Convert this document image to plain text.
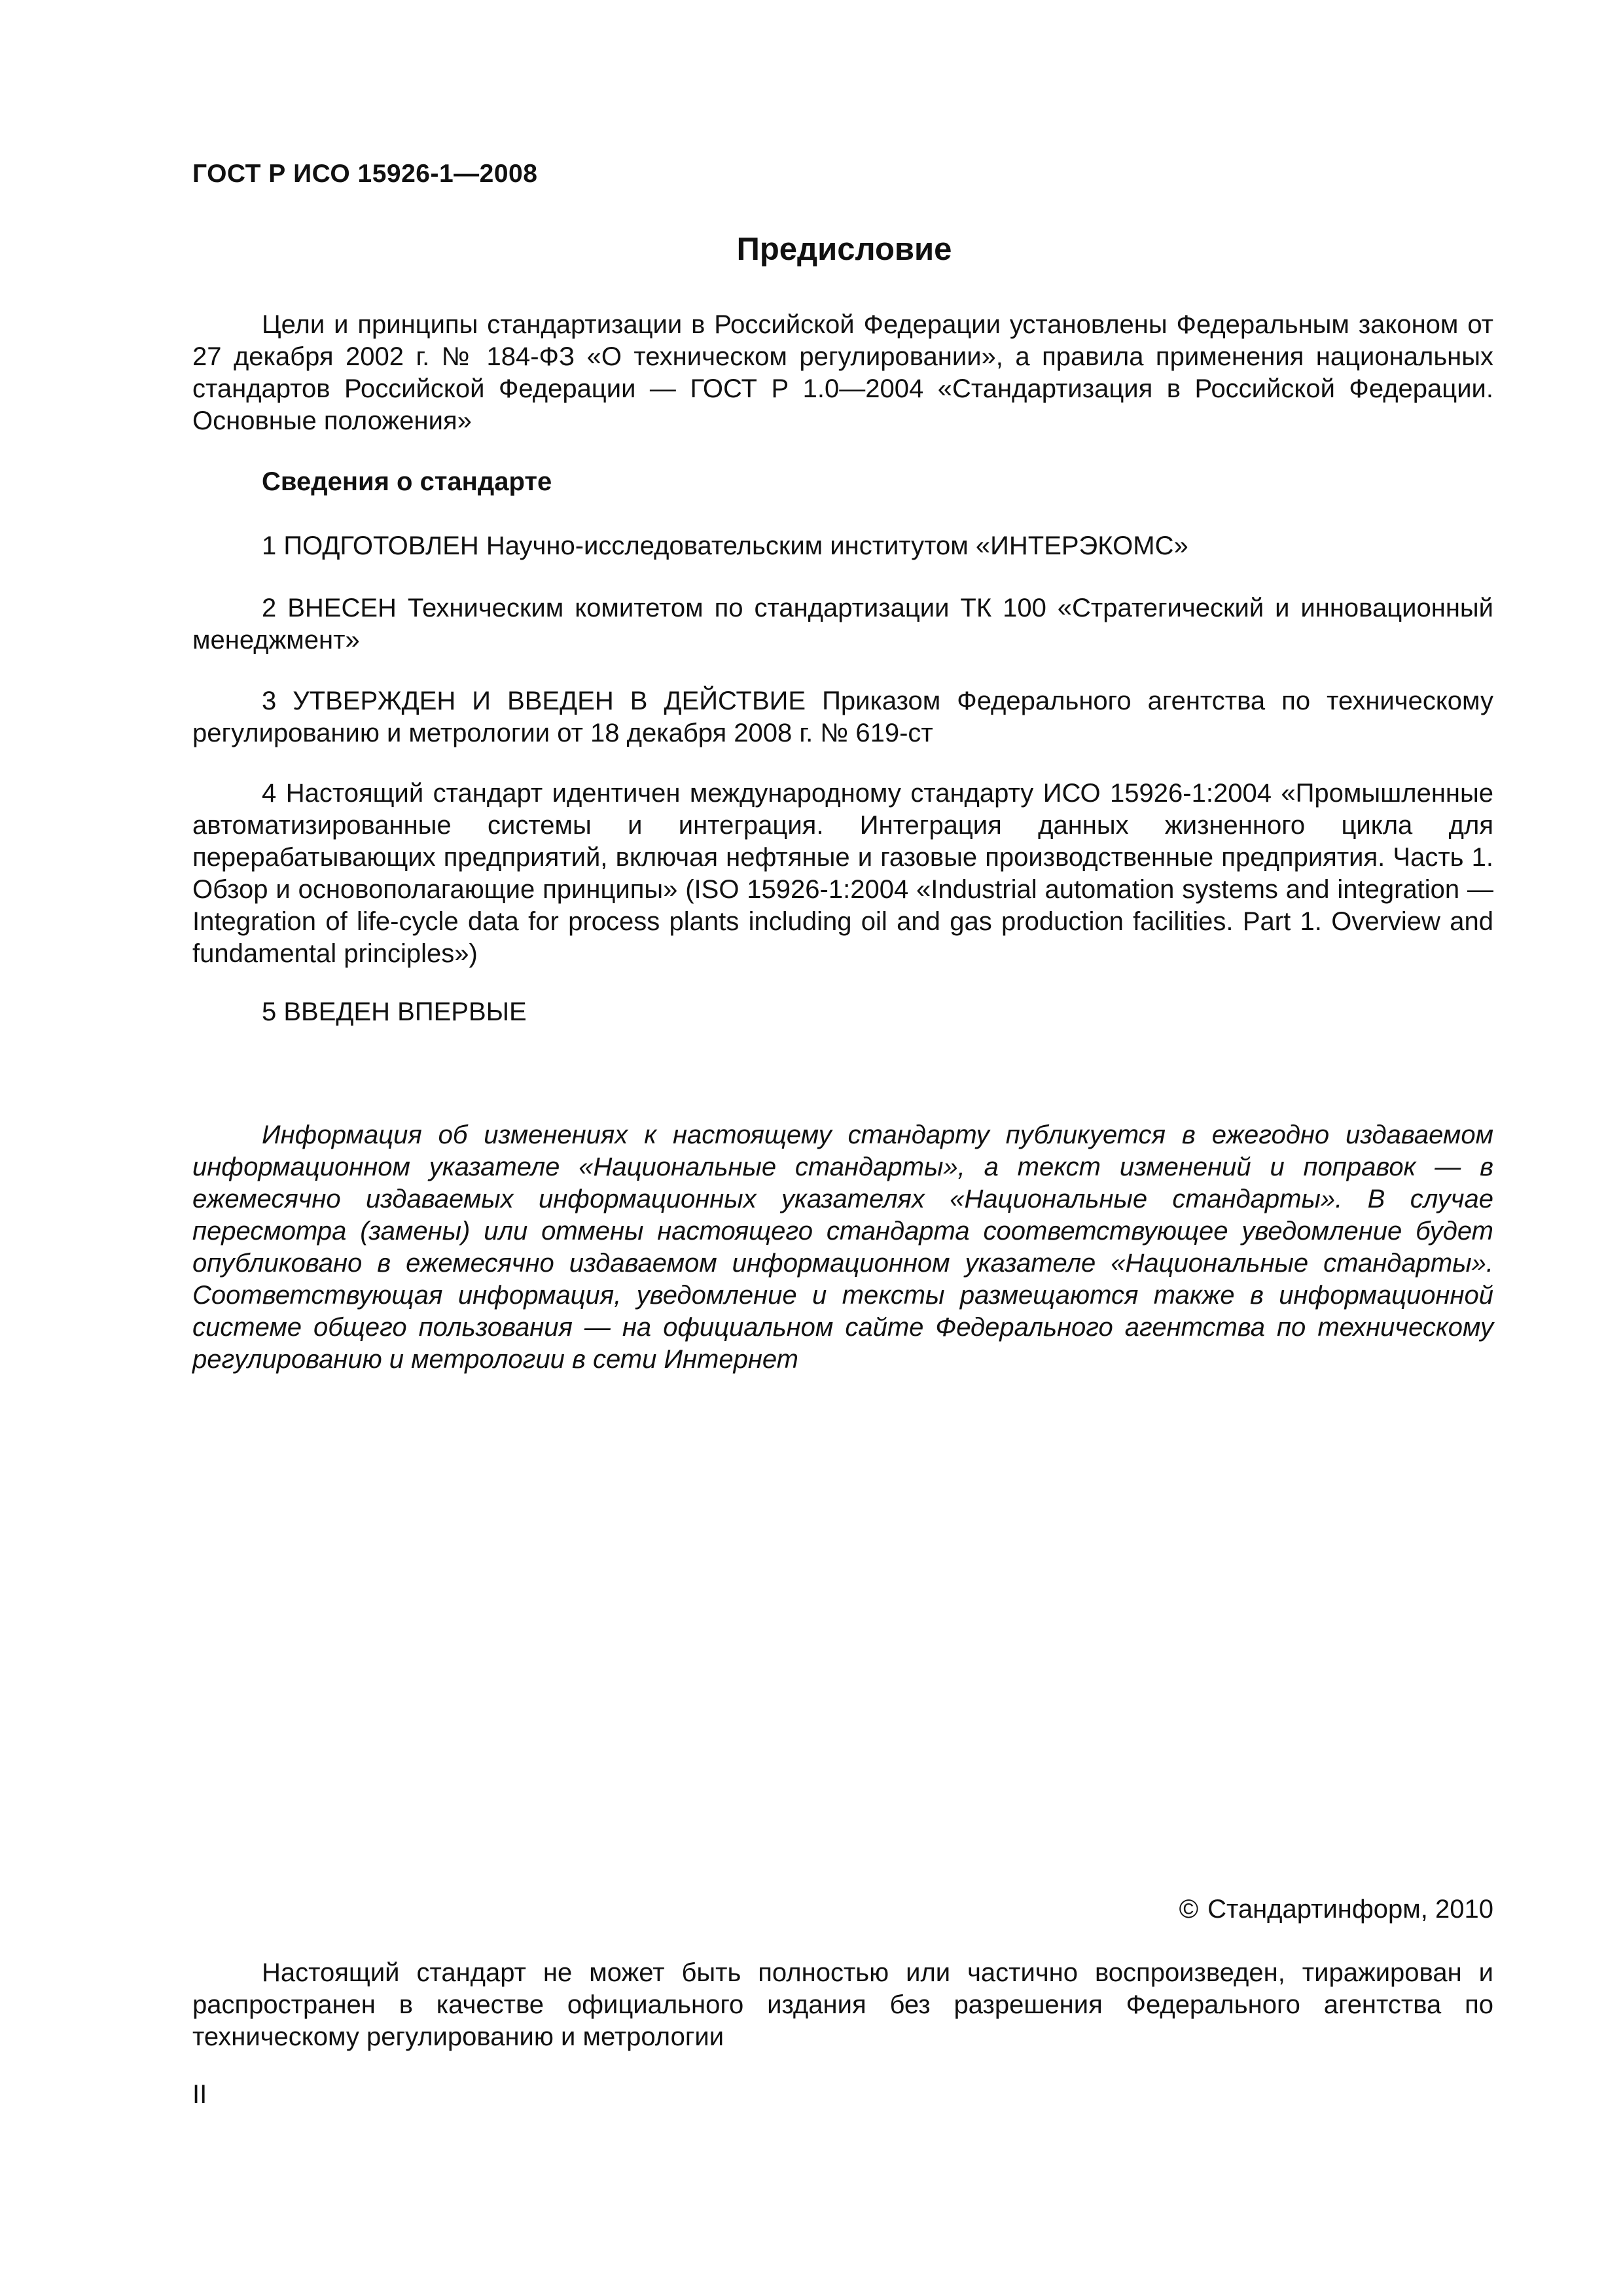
ГОСТ Р ИСО 15926-1—2008
Предисловие

Цели и принципы стандартизации в Российской Федерации установлены Федеральным законом от 27 декабря 2002 г. № 184-ФЗ «О техническом регулировании», а правила применения национальных стандартов Российской Федерации — ГОСТ Р 1.0—2004 «Стандартизация в Российской Федерации. Основные положения»

Сведения о стандарте

1 ПОДГОТОВЛЕН Научно-исследовательским институтом «ИНТЕРЭКОМС»

2 ВНЕСЕН Техническим комитетом по стандартизации ТК 100 «Стратегический и инновационный менеджмент»

3 УТВЕРЖДЕН И ВВЕДЕН В ДЕЙСТВИЕ Приказом Федерального агентства по техническому регулированию и метрологии от 18 декабря 2008 г. № 619-ст

4 Настоящий стандарт идентичен международному стандарту ИСО 15926-1:2004 «Промышленные автоматизированные системы и интеграция. Интеграция данных жизненного цикла для перерабатывающих предприятий, включая нефтяные и газовые производственные предприятия. Часть 1. Обзор и основополагающие принципы» (ISO 15926-1:2004 «Industrial automation systems and integration — Integration of life-cycle data for process plants including oil and gas production facilities. Part 1. Overview and fundamental principles»)

5 ВВЕДЕН ВПЕРВЫЕ

Информация об изменениях к настоящему стандарту публикуется в ежегодно издаваемом информационном указателе «Национальные стандарты», а текст изменений и поправок — в ежемесячно издаваемых информационных указателях «Национальные стандарты». В случае пересмотра (замены) или отмены настоящего стандарта соответствующее уведомление будет опубликовано в ежемесячно издаваемом информационном указателе «Национальные стандарты». Соответствующая информация, уведомление и тексты размещаются также в информационной системе общего пользования — на официальном сайте Федерального агентства по техническому регулированию и метрологии в сети Интернет

© Стандартинформ, 2010

Настоящий стандарт не может быть полностью или частично воспроизведен, тиражирован и распространен в качестве официального издания без разрешения Федерального агентства по техническому регулированию и метрологии

II
